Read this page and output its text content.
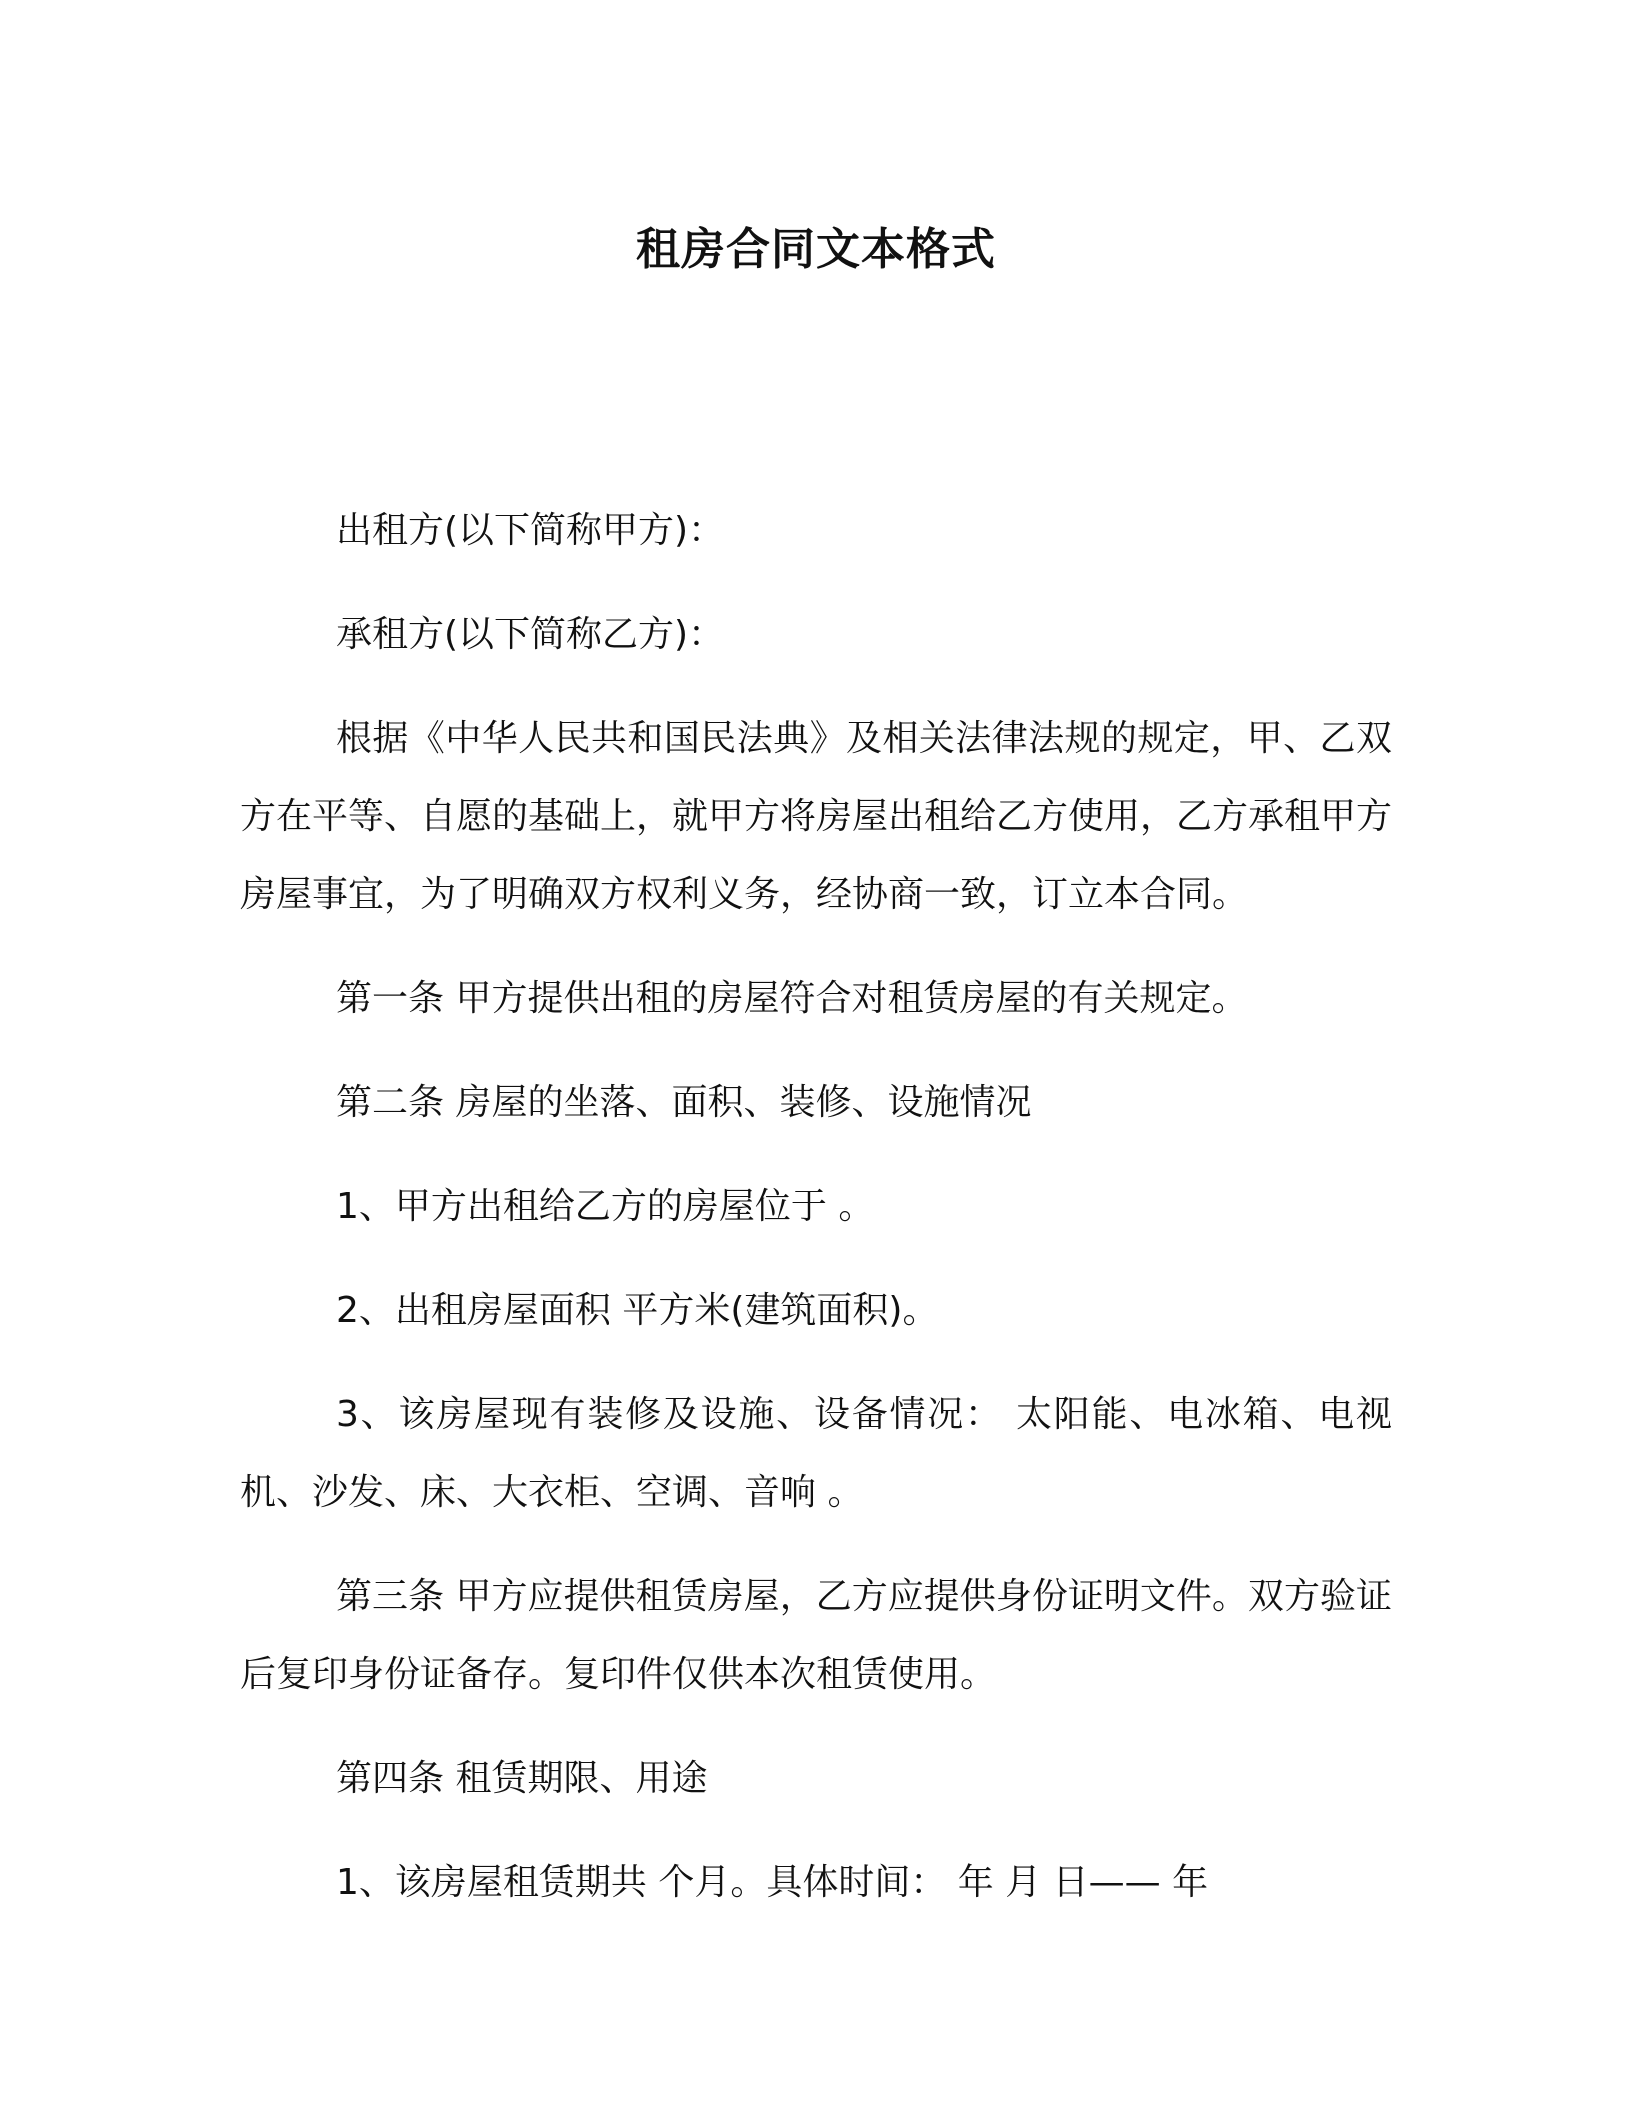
租房合同文本格式

出租方(以下简称甲方)：

承租方(以下简称乙方)：

根据《中华人民共和国民法典》及相关法律法规的规定，甲、乙双方在平等、自愿的基础上，就甲方将房屋出租给乙方使用，乙方承租甲方房屋事宜，为了明确双方权利义务，经协商一致，订立本合同。

第一条 甲方提供出租的房屋符合对租赁房屋的有关规定。

第二条 房屋的坐落、面积、装修、设施情况

1、甲方出租给乙方的房屋位于 。

2、出租房屋面积 平方米(建筑面积)。

3、该房屋现有装修及设施、设备情况： 太阳能、电冰箱、电视机、沙发、床、大衣柜、空调、音响 。

第三条 甲方应提供租赁房屋，乙方应提供身份证明文件。双方验证后复印身份证备存。复印件仅供本次租赁使用。

第四条 租赁期限、用途

1、该房屋租赁期共 个月。具体时间： 年 月 日—— 年
